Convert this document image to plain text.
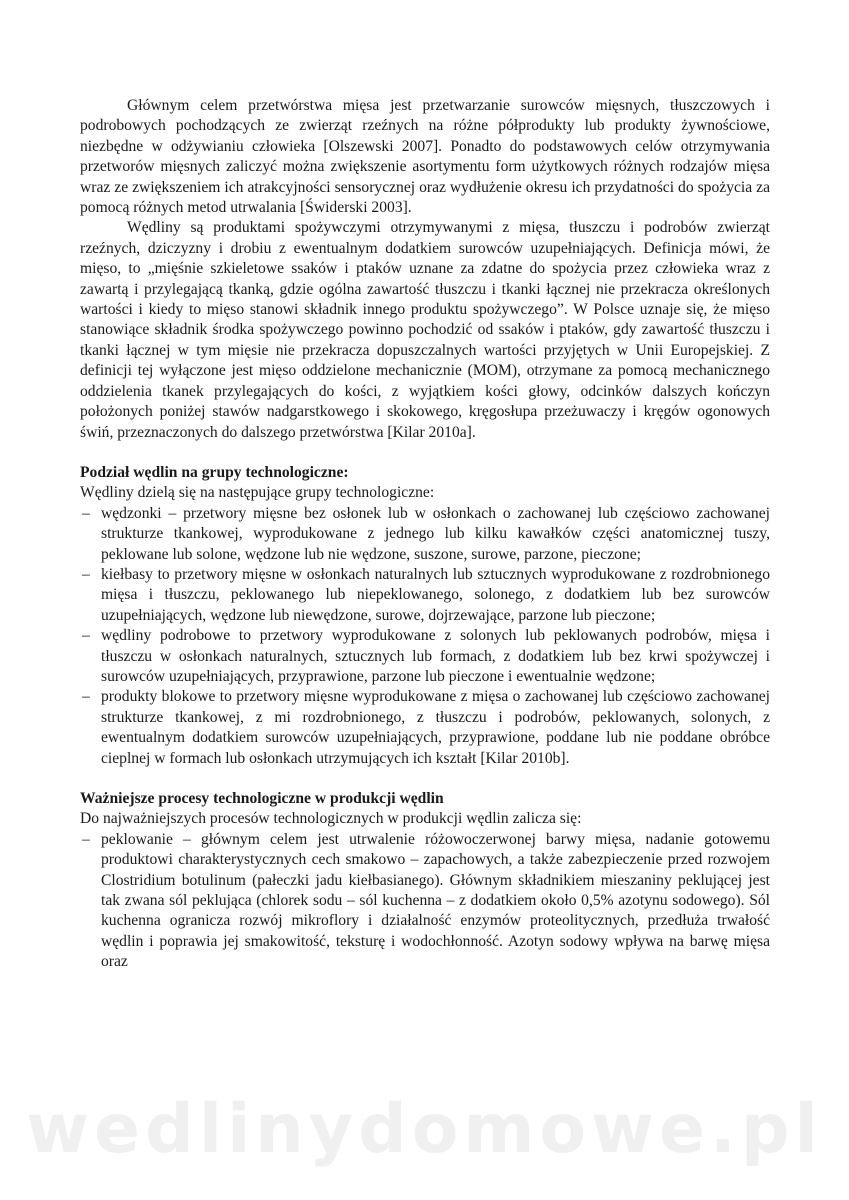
Głównym celem przetwórstwa mięsa jest przetwarzanie surowców mięsnych, tłuszczowych i podrobowych pochodzących ze zwierząt rzeźnych na różne półprodukty lub produkty żywnościowe, niezbędne w odżywianiu człowieka [Olszewski 2007]. Ponadto do podstawowych celów otrzymywania przetworów mięsnych zaliczyć można zwiększenie asortymentu form użytkowych różnych rodzajów mięsa wraz ze zwiększeniem ich atrakcyjności sensorycznej oraz wydłużenie okresu ich przydatności do spożycia za pomocą różnych metod utrwalania [Świderski 2003].

Wędliny są produktami spożywczymi otrzymywanymi z mięsa, tłuszczu i podrobów zwierząt rzeźnych, dziczyzny i drobiu z ewentualnym dodatkiem surowców uzupełniających. Definicja mówi, że mięso, to „mięśnie szkieletowe ssaków i ptaków uznane za zdatne do spożycia przez człowieka wraz z zawartą i przylegającą tkanką, gdzie ogólna zawartość tłuszczu i tkanki łącznej nie przekracza określonych wartości i kiedy to mięso stanowi składnik innego produktu spożywczego”. W Polsce uznaje się, że mięso stanowiące składnik środka spożywczego powinno pochodzić od ssaków i ptaków, gdy zawartość tłuszczu i tkanki łącznej w tym mięsie nie przekracza dopuszczalnych wartości przyjętych w Unii Europejskiej. Z definicji tej wyłączone jest mięso oddzielone mechanicznie (MOM), otrzymane za pomocą mechanicznego oddzielenia tkanek przylegających do kości, z wyjątkiem kości głowy, odcinków dalszych kończyn położonych poniżej stawów nadgarstkowego i skokowego, kręgosłupa przeżuwaczy i kręgów ogonowych świń, przeznaczonych do dalszego przetwórstwa [Kilar 2010a].

Podział wędlin na grupy technologiczne:

Wędliny dzielą się na następujące grupy technologiczne:

– wędzonki – przetwory mięsne bez osłonek lub w osłonkach o zachowanej lub częściowo zachowanej strukturze tkankowej, wyprodukowane z jednego lub kilku kawałków części anatomicznej tuszy, peklowane lub solone, wędzone lub nie wędzone, suszone, surowe, parzone, pieczone;
– kiełbasy to przetwory mięsne w osłonkach naturalnych lub sztucznych wyprodukowane z rozdrobnionego mięsa i tłuszczu, peklowanego lub niepeklowanego, solonego, z dodatkiem lub bez surowców uzupełniających, wędzone lub niewędzone, surowe, dojrzewające, parzone lub pieczone;
– wędliny podrobowe to przetwory wyprodukowane z solonych lub peklowanych podrobów, mięsa i tłuszczu w osłonkach naturalnych, sztucznych lub formach, z dodatkiem lub bez krwi spożywczej i surowców uzupełniających, przyprawione, parzone lub pieczone i ewentualnie wędzone;
– produkty blokowe to przetwory mięsne wyprodukowane z mięsa o zachowanej lub częściowo zachowanej strukturze tkankowej, z mi rozdrobnionego, z tłuszczu i podrobów, peklowanych, solonych, z ewentualnym dodatkiem surowców uzupełniających, przyprawione, poddane lub nie poddane obróbce cieplnej w formach lub osłonkach utrzymujących ich kształt [Kilar 2010b].
Ważniejsze procesy technologiczne w produkcji wędlin

Do najważniejszych procesów technologicznych w produkcji wędlin zalicza się:

– peklowanie – głównym celem jest utrwalenie różowoczerwonej barwy mięsa, nadanie gotowemu produktowi charakterystycznych cech smakowo – zapachowych, a także zabezpieczenie przed rozwojem Clostridium botulinum (pałeczki jadu kiełbasianego). Głównym składnikiem mieszaniny peklującej jest tak zwana sól peklująca (chlorek sodu – sól kuchenna – z dodatkiem około 0,5% azotynu sodowego). Sól kuchenna ogranicza rozwój mikroflory i działalność enzymów proteolitycznych, przedłuża trwałość wędlin i poprawia jej smakowitość, teksturę i wodochłonność. Azotyn sodowy wpływa na barwę mięsa oraz
wedlinydomowe.pl
